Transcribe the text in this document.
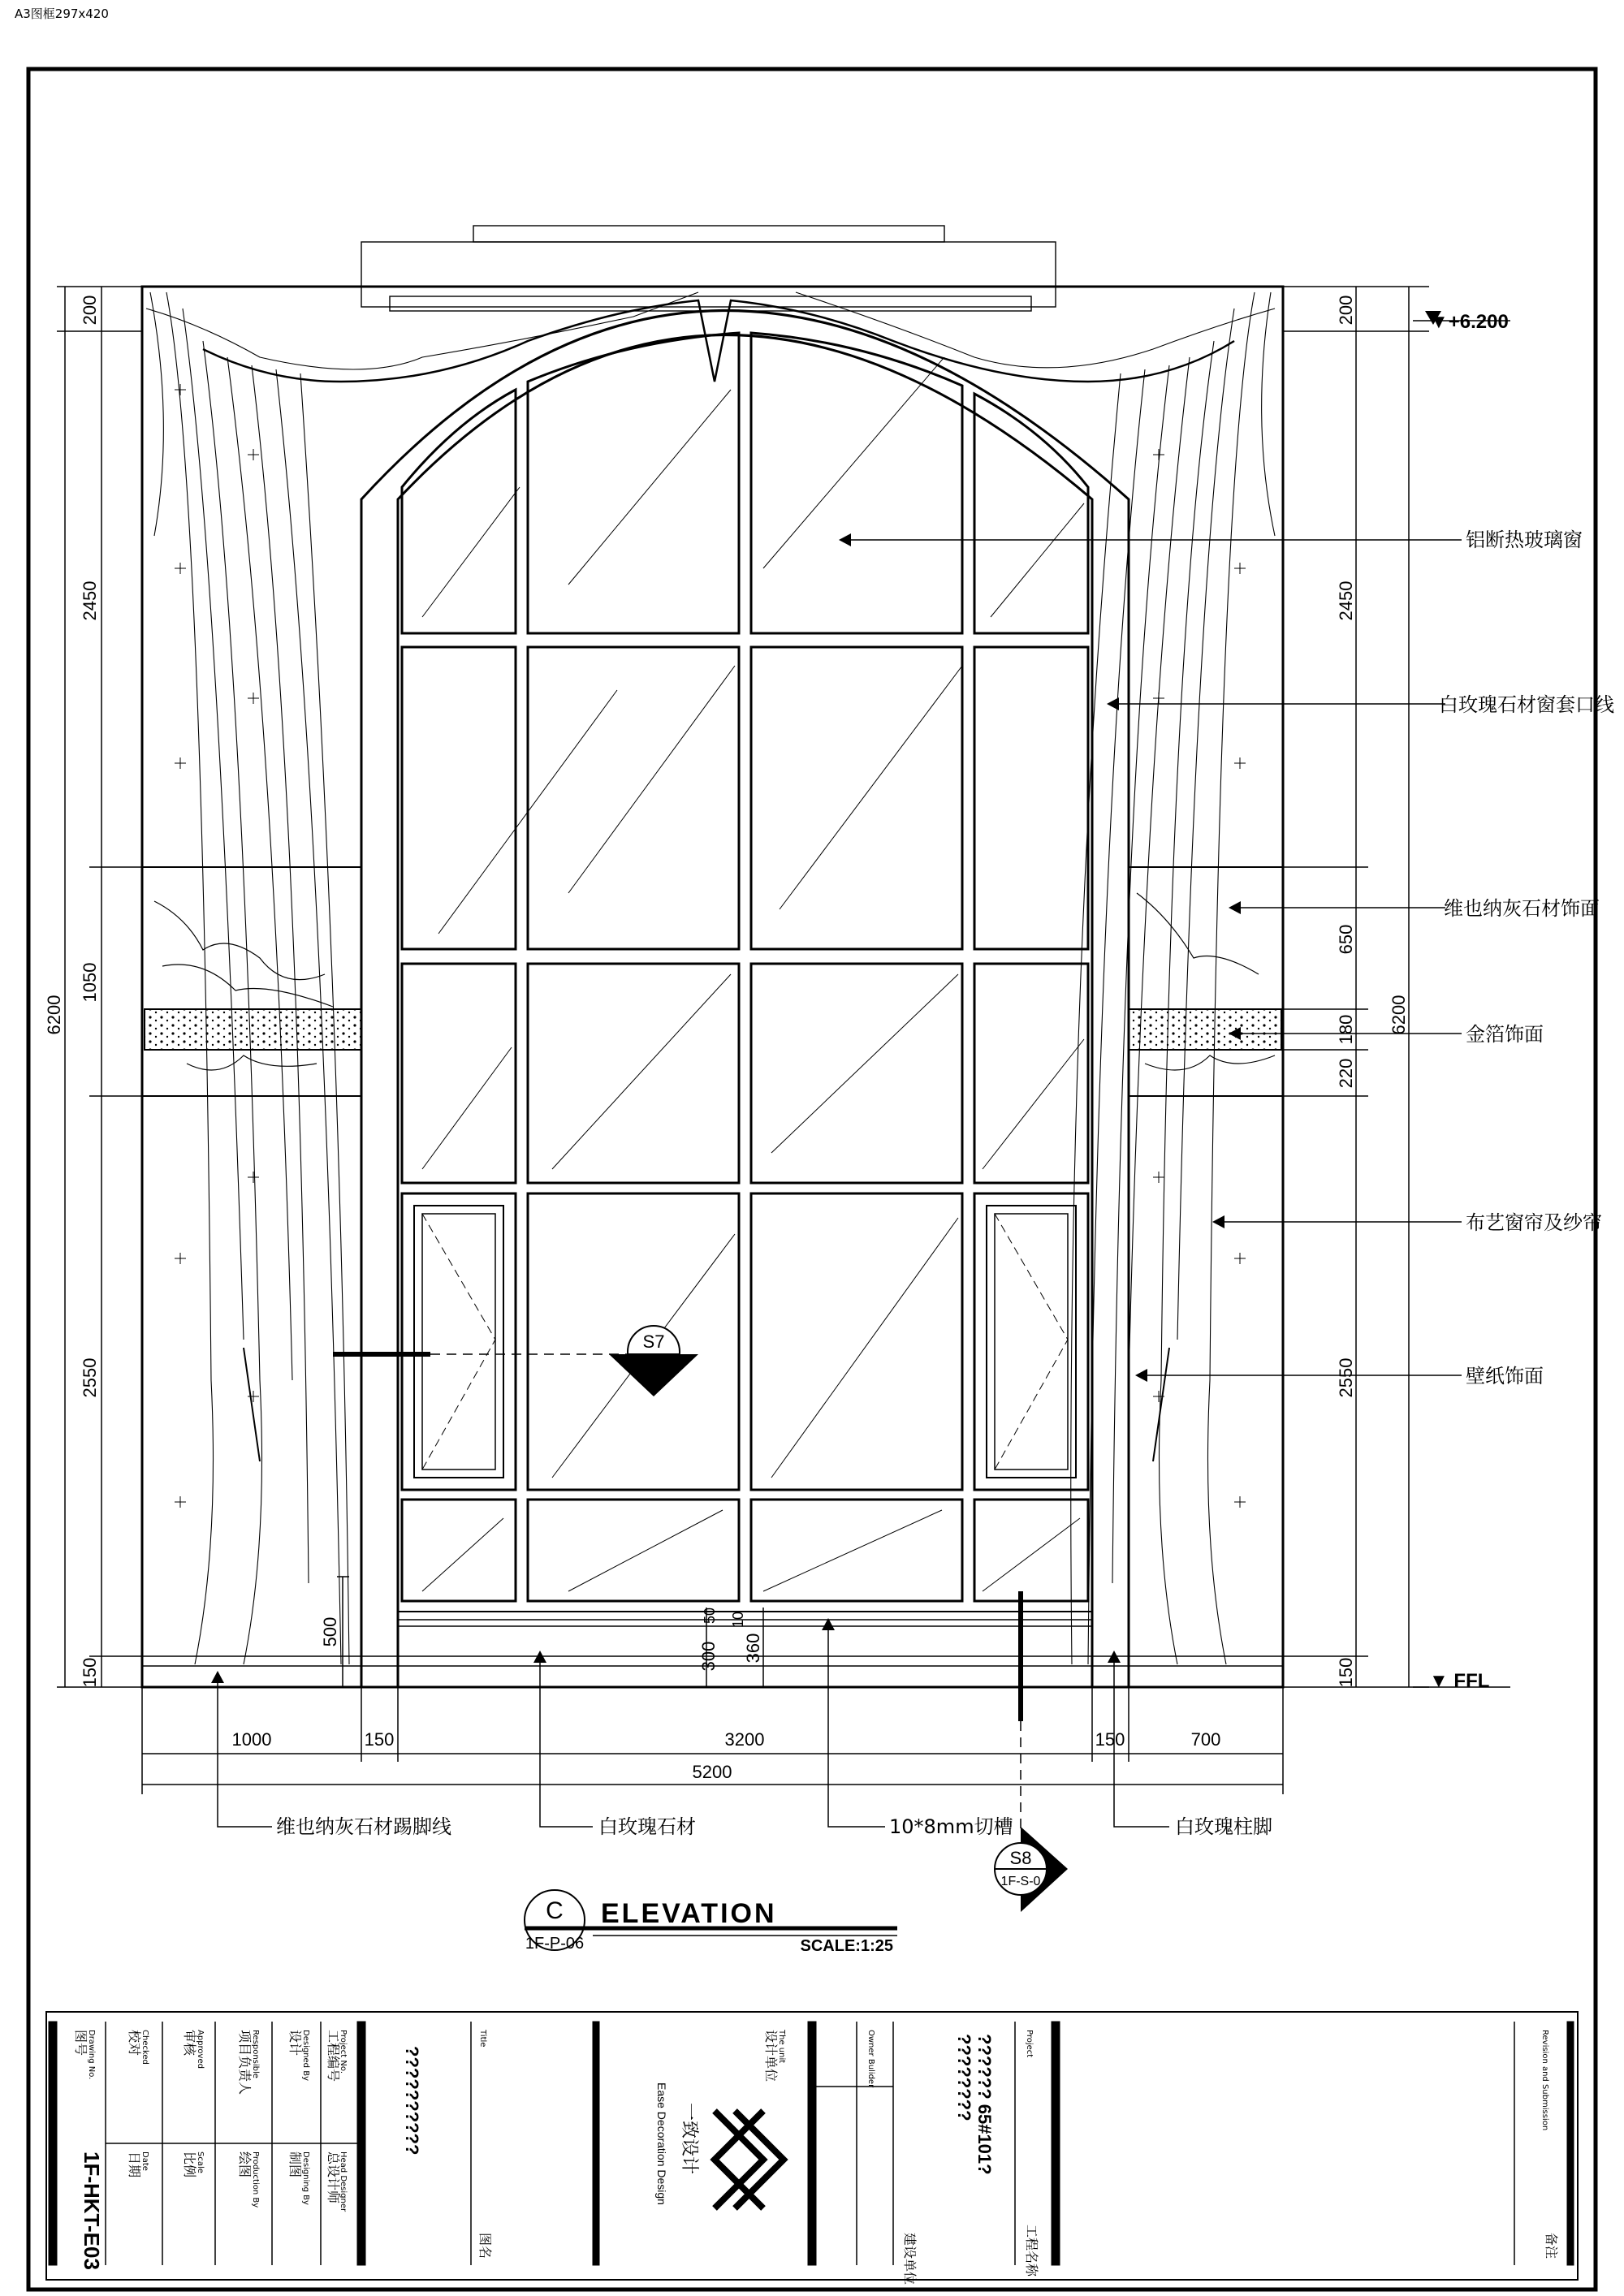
A3图框297x420
S7
1F-S-0
S8
1F-S-0
200
2450
1050
2550
150
6200
500
200
2450
650
180
220
2550
150
6200
▼+6.200
▼ FFL
1000	150	3200	150	700
5200
50 10
300 360
铝断热玻璃窗
白玫瑰石材窗套口线
维也纳灰石材饰面
金箔饰面
布艺窗帘及纱帘
壁纸饰面
维也纳灰石材踢脚线	白玫瑰石材	10*8mm切槽	白玫瑰柱脚
C
1F-P-06
ELEVATION
SCALE:1:25
1F-HKT-E03
Drawing No.
图号	Checked
校对
Date
日期
Approved
审核
Scale
比例
Responsible
项目负责人
Production By
绘图
Designed By
设计
Designing By
制图
Project No.
工程编号
Head Designer
总设计师
??????????
Title
图名
Ease Decoration Design 一致设计
The unit
设计单位	Owner Bulider
建设单位
?????? 65#101?
????????	Project
工程名称
Revision and Submission
备注
